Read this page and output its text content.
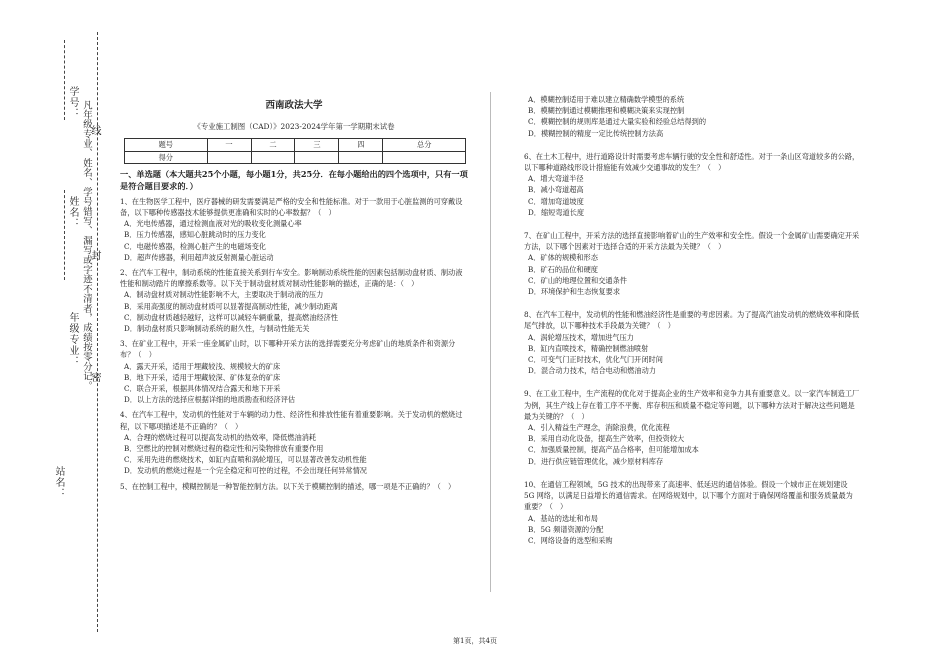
学号：
姓名：
线
封
密
年级专业： 凡年级专业、姓名、学号错写、漏写或字迹不清者，成绩按零分记。
站名：
西南政法大学
《专业施工制图（CAD）》2023-2024学年第一学期期末试卷
题号	一	二	三	四	总分
得分					
一、单选题（本大题共25个小题，每小题1分，共25分．在每小题给出的四个选项中，只有一项是符合题目要求的．）
1、在生物医学工程中，医疗器械的研发需要满足严格的安全和性能标准。对于一款用于心脏监测的可穿戴设备，以下哪种传感器技术能够提供更准确和实时的心率数据？（　）
A．光电传感器，通过检测血液对光的吸收变化测量心率
B．压力传感器，感知心脏跳动时的压力变化
C．电磁传感器，检测心脏产生的电磁场变化
D．超声传感器，利用超声波反射测量心脏运动
2、在汽车工程中，制动系统的性能直接关系到行车安全。影响制动系统性能的因素包括制动盘材质、制动液性能和制动踏片的摩擦系数等。以下关于制动盘材质对制动性能影响的描述，正确的是：（　）
A．制动盘材质对制动性能影响不大，主要取决于制动液的压力
B．采用高强度的制动盘材质可以显著提高制动性能，减少制动距离
C．制动盘材质越轻越好，这样可以减轻车辆重量，提高燃油经济性
D．制动盘材质只影响制动系统的耐久性，与制动性能无关
3、在矿业工程中，开采一座金属矿山时，以下哪种开采方法的选择需要充分考虑矿山的地质条件和资源分布？（　）
A．露天开采，适用于埋藏较浅、规模较大的矿床
B．地下开采，适用于埋藏较深、矿体复杂的矿床
C．联合开采，根据具体情况结合露天和地下开采
D．以上方法的选择应根据详细的地质勘查和经济评估
4、在汽车工程中，发动机的性能对于车辆的动力性、经济性和排放性能有着重要影响。关于发动机的燃烧过程，以下哪项描述是不正确的？（　）
A．合理的燃烧过程可以提高发动机的热效率，降低燃油消耗
B．空燃比的控制对燃烧过程的稳定性和污染物排放有重要作用
C．采用先进的燃烧技术，如缸内直喷和涡轮增压，可以显著改善发动机性能
D．发动机的燃烧过程是一个完全稳定和可控的过程，不会出现任何异常情况
5、在控制工程中，模糊控制是一种智能控制方法。以下关于模糊控制的描述，哪一项是不正确的？（　）
A．模糊控制适用于难以建立精确数学模型的系统
B．模糊控制通过模糊推理和模糊决策来实现控制
C．模糊控制的规则库是通过大量实验和经验总结得到的
D．模糊控制的精度一定比传统控制方法高
6、在土木工程中，进行道路设计时需要考虑车辆行驶的安全性和舒适性。对于一条山区弯道较多的公路，以下哪种道路线形设计措施能有效减少交通事故的发生？（　）
A．增大弯道半径
B．减小弯道超高
C．增加弯道坡度
D．缩短弯道长度
7、在矿山工程中，开采方法的选择直接影响着矿山的生产效率和安全性。假设一个金属矿山需要确定开采方法，以下哪个因素对于选择合适的开采方法最为关键？（　）
A．矿体的规模和形态
B．矿石的品位和硬度
C．矿山的地理位置和交通条件
D．环境保护和生态恢复要求
8、在汽车工程中，发动机的性能和燃油经济性是重要的考虑因素。为了提高汽油发动机的燃烧效率和降低尾气排放，以下哪种技术手段最为关键？（　）
A．涡轮增压技术，增加进气压力
B．缸内直喷技术，精确控制燃油喷射
C．可变气门正时技术，优化气门开闭时间
D．混合动力技术，结合电动和燃油动力
9、在工业工程中，生产流程的优化对于提高企业的生产效率和竞争力具有重要意义。以一家汽车制造工厂为例，其生产线上存在着工序不平衡、库存积压和质量不稳定等问题，以下哪种方法对于解决这些问题是最为关键的？（　）
A．引入精益生产理念，消除浪费，优化流程
B．采用自动化设备，提高生产效率，但投资较大
C．加强质量控制，提高产品合格率，但可能增加成本
D．进行供应链管理优化，减少原材料库存
10、在通信工程领域，5G 技术的出现带来了高速率、低延迟的通信体验。假设一个城市正在规划建设 5G 网络，以满足日益增长的通信需求。在网络规划中，以下哪个方面对于确保网络覆盖和服务质量最为重要？（　）
A．基站的选址和布局
B．5G 频谱资源的分配
C．网络设备的选型和采购
第1页，共4页
